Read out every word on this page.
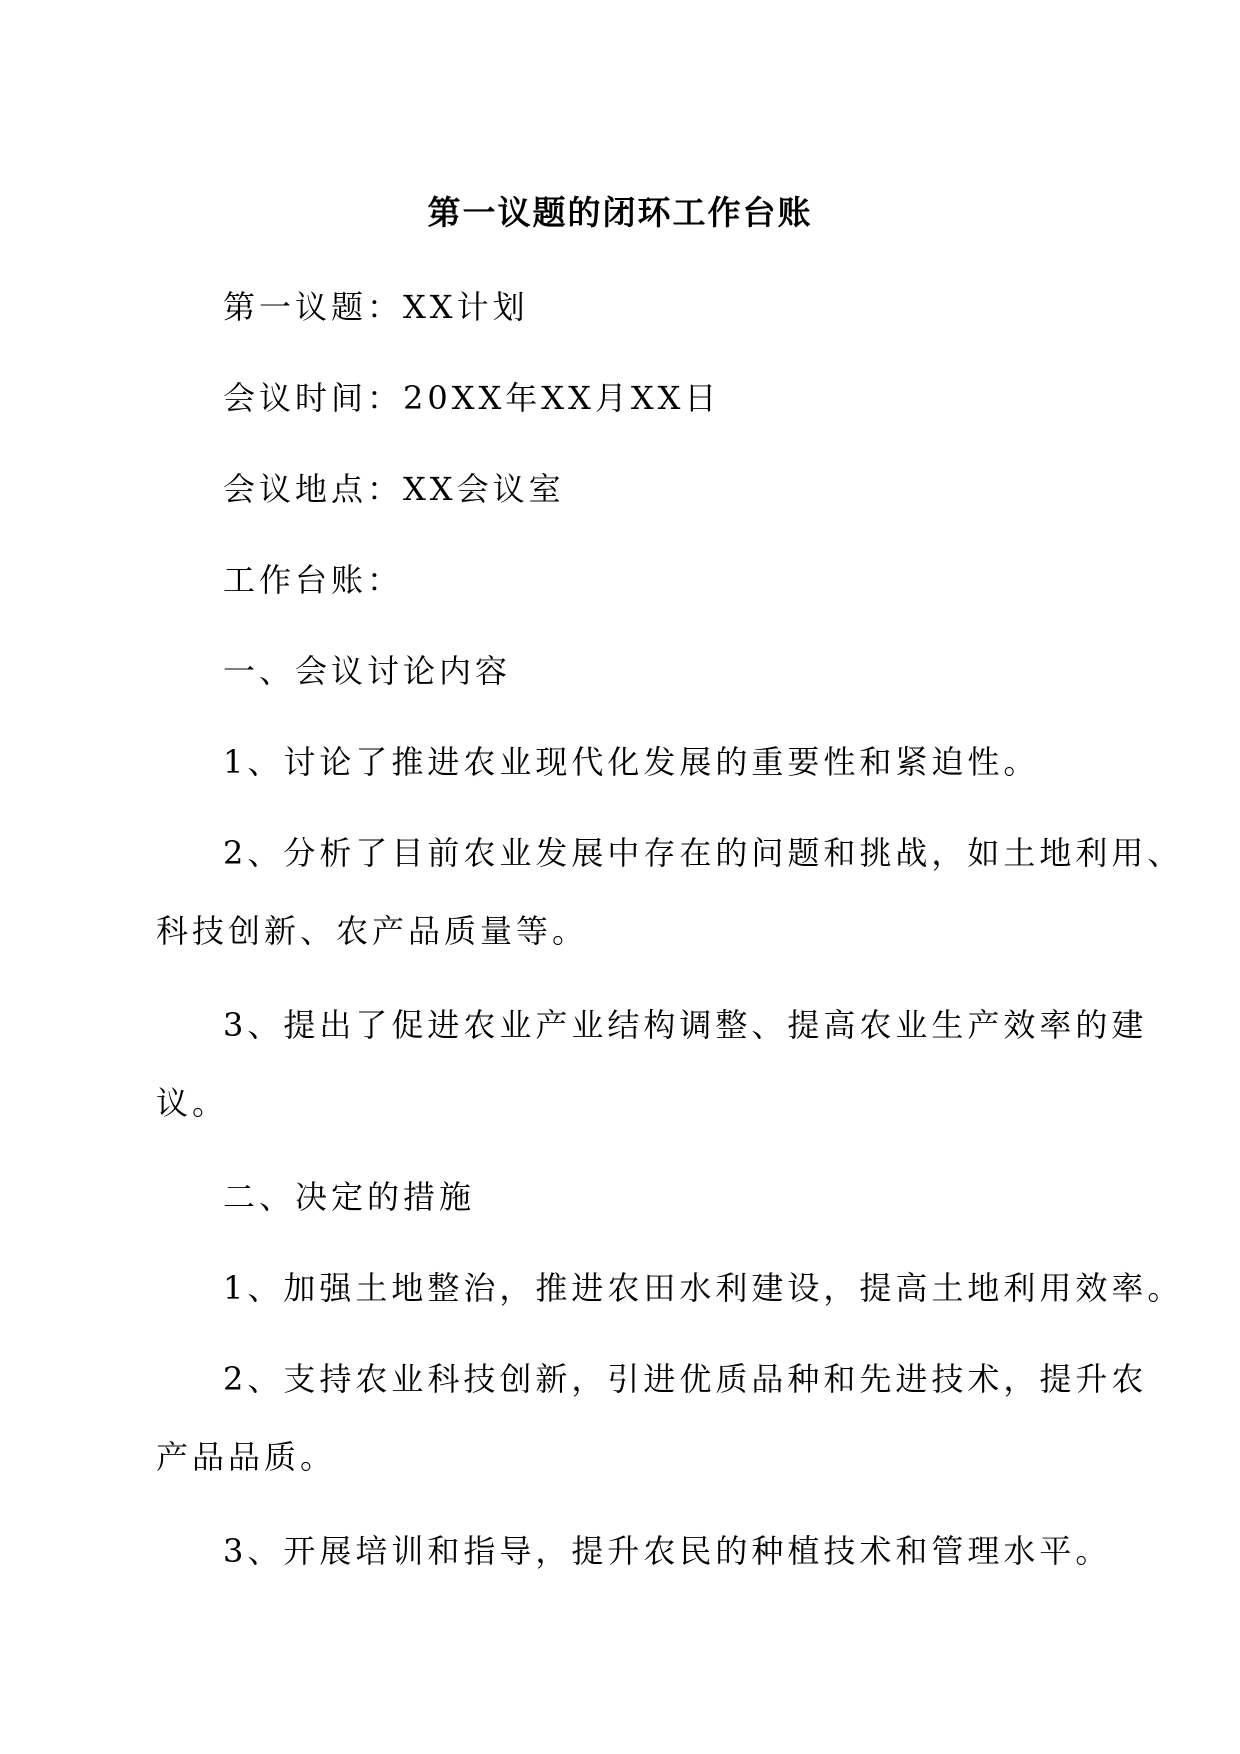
第一议题的闭环工作台账
第一议题：XX计划
会议时间：20XX年XX月XX日
会议地点：XX会议室
工作台账：
一、会议讨论内容
1、讨论了推进农业现代化发展的重要性和紧迫性。
2、分析了目前农业发展中存在的问题和挑战，如土地利用、
科技创新、农产品质量等。
3、提出了促进农业产业结构调整、提高农业生产效率的建
议。
二、决定的措施
1、加强土地整治，推进农田水利建设，提高土地利用效率。
2、支持农业科技创新，引进优质品种和先进技术，提升农
产品品质。
3、开展培训和指导，提升农民的种植技术和管理水平。
